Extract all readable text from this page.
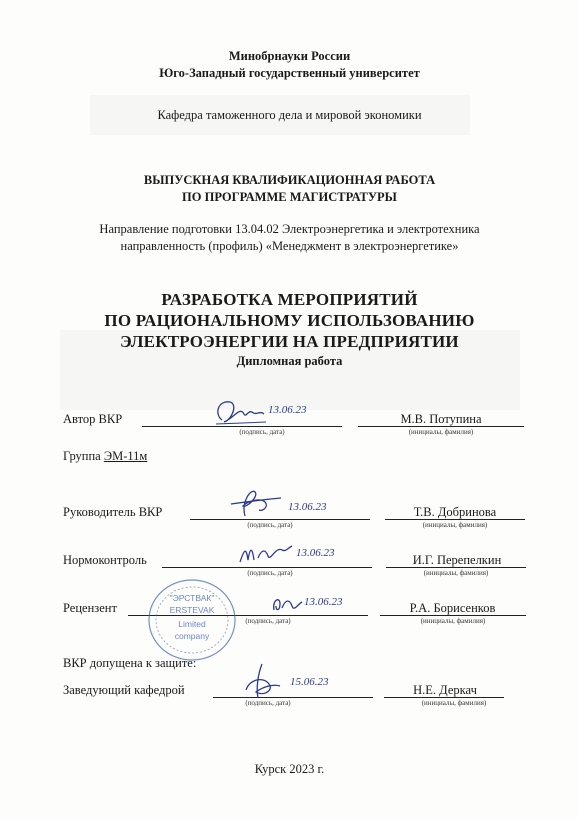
Минобрнауки России
Юго-Западный государственный университет
Кафедра таможенного дела и мировой экономики
ВЫПУСКНАЯ КВАЛИФИКАЦИОННАЯ РАБОТА
ПО ПРОГРАММЕ МАГИСТРАТУРЫ
Направление подготовки 13.04.02 Электроэнергетика и электротехника
направленность (профиль) «Менеджмент в электроэнергетике»
РАЗРАБОТКА МЕРОПРИЯТИЙ
ПО РАЦИОНАЛЬНОМУ ИСПОЛЬЗОВАНИЮ
ЭЛЕКТРОЭНЕРГИИ НА ПРЕДПРИЯТИИ
Дипломная работа
Автор ВКР
13.06.23
(подпись, дата)
М.В. Потупина
(инициалы, фамилия)
Группа ЭМ-11м
Руководитель ВКР	13.06.23
(подпись, дата)
Т.В. Добринова
(инициалы, фамилия)
Нормоконтроль	13.06.23
(подпись, дата)
И.Г. Перепелкин
(инициалы, фамилия)
Рецензент
"ЭРСТВАК"
ERSTEVAK
Limited
company
13.06.23
(подпись, дата)
Р.А. Борисенков
(инициалы, фамилия)
ВКР допущена к защите:
Заведующий кафедрой
15.06.23
(подпись, дата)
Н.Е. Деркач
(инициалы, фамилия)
Курск 2023 г.
